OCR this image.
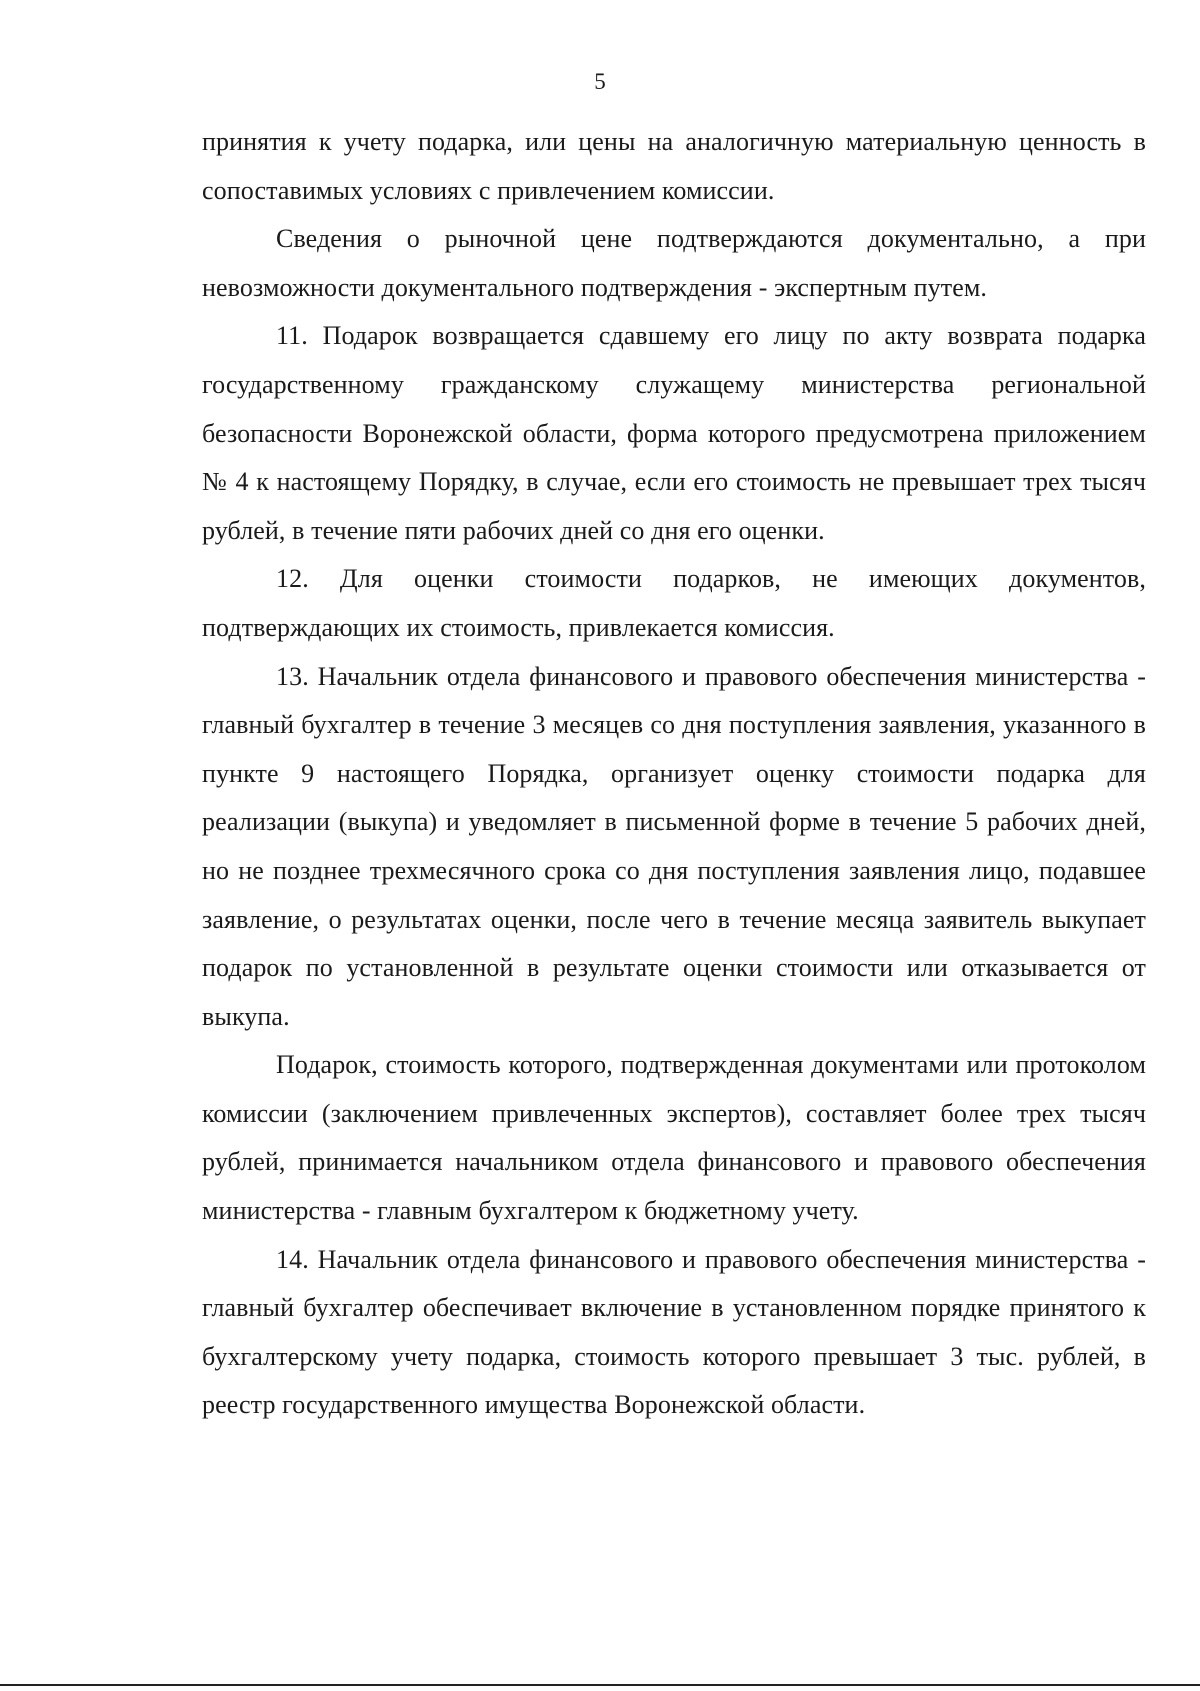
5

принятия к учету подарка, или цены на аналогичную материальную ценность в сопоставимых условиях с привлечением комиссии.

Сведения о рыночной цене подтверждаются документально, а при невозможности документального подтверждения - экспертным путем.

11. Подарок возвращается сдавшему его лицу по акту возврата подарка государственному гражданскому служащему министерства региональной безопасности Воронежской области, форма которого предусмотрена приложением № 4 к настоящему Порядку, в случае, если его стоимость не превышает трех тысяч рублей, в течение пяти рабочих дней со дня его оценки.

12. Для оценки стоимости подарков, не имеющих документов, подтверждающих их стоимость, привлекается комиссия.

13. Начальник отдела финансового и правового обеспечения министерства - главный бухгалтер в течение 3 месяцев со дня поступления заявления, указанного в пункте 9 настоящего Порядка, организует оценку стоимости подарка для реализации (выкупа) и уведомляет в письменной форме в течение 5 рабочих дней, но не позднее трехмесячного срока со дня поступления заявления лицо, подавшее заявление, о результатах оценки, после чего в течение месяца заявитель выкупает подарок по установленной в результате оценки стоимости или отказывается от выкупа.

Подарок, стоимость которого, подтвержденная документами или протоколом комиссии (заключением привлеченных экспертов), составляет более трех тысяч рублей, принимается начальником отдела финансового и правового обеспечения министерства - главным бухгалтером к бюджетному учету.

14. Начальник отдела финансового и правового обеспечения министерства - главный бухгалтер обеспечивает включение в установленном порядке принятого к бухгалтерскому учету подарка, стоимость которого превышает 3 тыс. рублей, в реестр государственного имущества Воронежской области.
